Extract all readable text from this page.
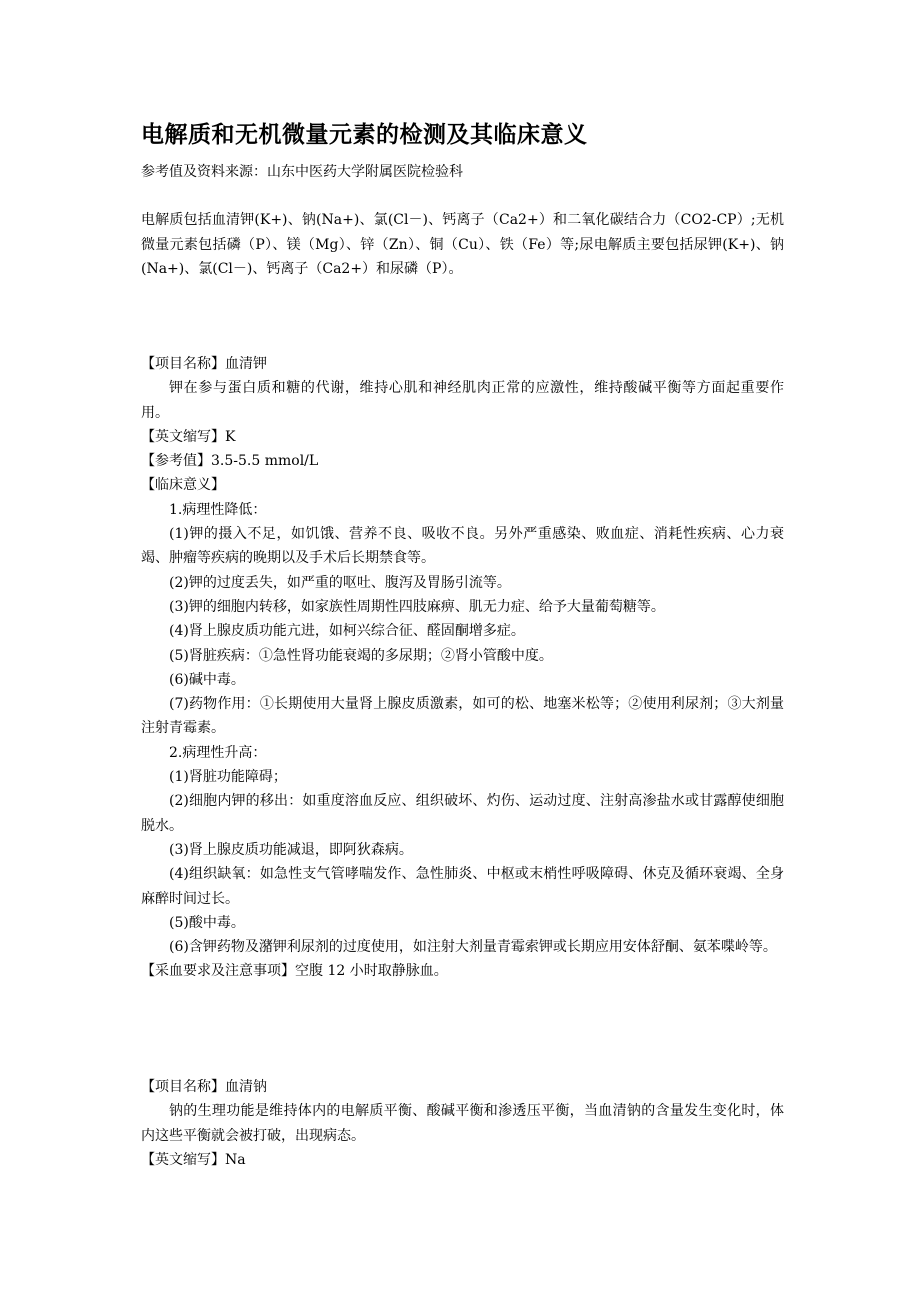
电解质和无机微量元素的检测及其临床意义
参考值及资料来源：山东中医药大学附属医院检验科

电解质包括血清钾(K+)、钠(Na+)、氯(Cl－)、钙离子（Ca2+）和二氧化碳结合力（CO2-CP）;无机微量元素包括磷（P）、镁（Mg）、锌（Zn）、铜（Cu）、铁（Fe）等;尿电解质主要包括尿钾(K+)、钠(Na+)、氯(Cl－)、钙离子（Ca2+）和尿磷（P）。

【项目名称】血清钾

钾在参与蛋白质和糖的代谢，维持心肌和神经肌肉正常的应激性，维持酸碱平衡等方面起重要作用。

【英文缩写】K

【参考值】3.5-5.5 mmol/L

【临床意义】

1.病理性降低：

(1)钾的摄入不足，如饥饿、营养不良、吸收不良。另外严重感染、败血症、消耗性疾病、心力衰竭、肿瘤等疾病的晚期以及手术后长期禁食等。

(2)钾的过度丢失，如严重的呕吐、腹泻及胃肠引流等。

(3)钾的细胞内转移，如家族性周期性四肢麻痹、肌无力症、给予大量葡萄糖等。

(4)肾上腺皮质功能亢进，如柯兴综合征、醛固酮增多症。

(5)肾脏疾病：①急性肾功能衰竭的多尿期；②肾小管酸中度。

(6)碱中毒。

(7)药物作用：①长期使用大量肾上腺皮质激素，如可的松、地塞米松等；②使用利尿剂；③大剂量注射青霉素。

2.病理性升高：

(1)肾脏功能障碍；

(2)细胞内钾的移出：如重度溶血反应、组织破坏、灼伤、运动过度、注射高渗盐水或甘露醇使细胞脱水。

(3)肾上腺皮质功能减退，即阿狄森病。

(4)组织缺氧：如急性支气管哮喘发作、急性肺炎、中枢或末梢性呼吸障碍、休克及循环衰竭、全身麻醉时间过长。

(5)酸中毒。

(6)含钾药物及潴钾利尿剂的过度使用，如注射大剂量青霉索钾或长期应用安体舒酮、氨苯喋岭等。

【采血要求及注意事项】空腹 12 小时取静脉血。

【项目名称】血清钠

钠的生理功能是维持体内的电解质平衡、酸碱平衡和渗透压平衡，当血清钠的含量发生变化时，体内这些平衡就会被打破，出现病态。

【英文缩写】Na
